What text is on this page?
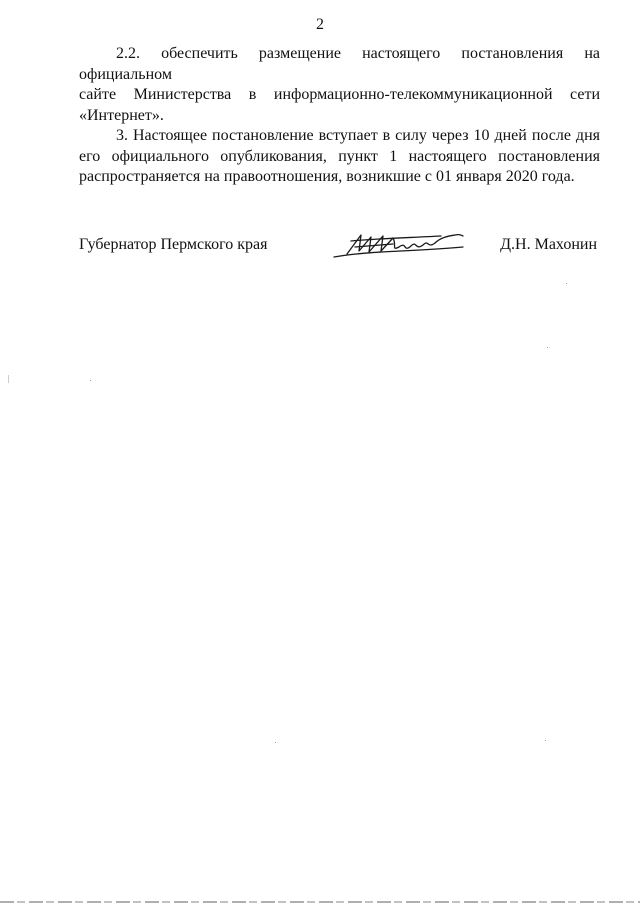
2

2.2. обеспечить размещение настоящего постановления на официальном
сайте Министерства в информационно-телекоммуникационной сети
«Интернет».

3. Настоящее постановление вступает в силу через 10 дней после дня
его официального опубликования, пункт 1 настоящего постановления
распространяется на правоотношения, возникшие с 01 января 2020 года.

Губернатор Пермского края	Д.Н. Махонин
